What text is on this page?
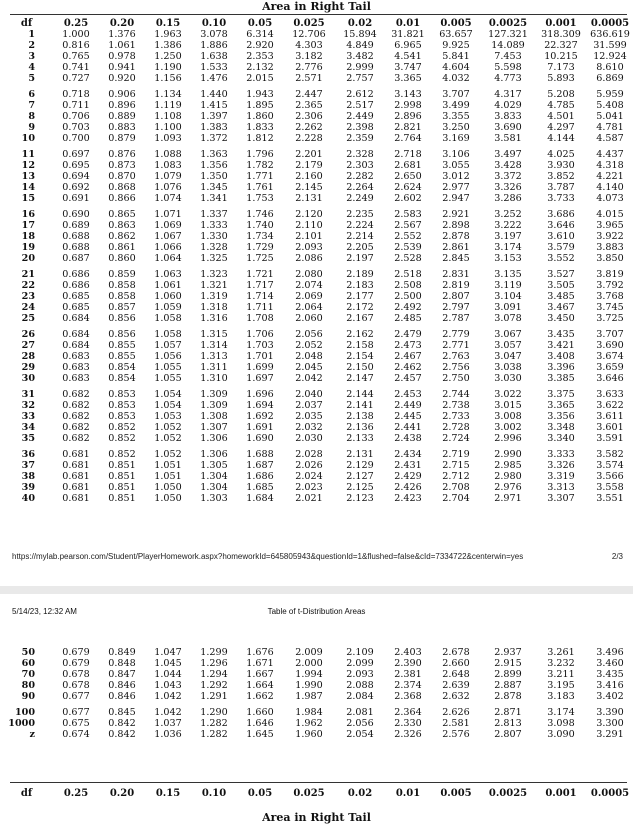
Area in Right Tail
df	0.25	0.20	0.15	0.10	0.05	0.025	0.02	0.01	0.005	0.0025	0.001	0.0005
1	1.000	1.376	1.963	3.078	6.314	12.706	15.894	31.821	63.657	127.321	318.309	636.619
2	0.816	1.061	1.386	1.886	2.920	4.303	4.849	6.965	9.925	14.089	22.327	31.599
3	0.765	0.978	1.250	1.638	2.353	3.182	3.482	4.541	5.841	7.453	10.215	12.924
4	0.741	0.941	1.190	1.533	2.132	2.776	2.999	3.747	4.604	5.598	7.173	8.610
5	0.727	0.920	1.156	1.476	2.015	2.571	2.757	3.365	4.032	4.773	5.893	6.869
6	0.718	0.906	1.134	1.440	1.943	2.447	2.612	3.143	3.707	4.317	5.208	5.959
7	0.711	0.896	1.119	1.415	1.895	2.365	2.517	2.998	3.499	4.029	4.785	5.408
8	0.706	0.889	1.108	1.397	1.860	2.306	2.449	2.896	3.355	3.833	4.501	5.041
9	0.703	0.883	1.100	1.383	1.833	2.262	2.398	2.821	3.250	3.690	4.297	4.781
10	0.700	0.879	1.093	1.372	1.812	2.228	2.359	2.764	3.169	3.581	4.144	4.587
11	0.697	0.876	1.088	1.363	1.796	2.201	2.328	2.718	3.106	3.497	4.025	4.437
12	0.695	0.873	1.083	1.356	1.782	2.179	2.303	2.681	3.055	3.428	3.930	4.318
13	0.694	0.870	1.079	1.350	1.771	2.160	2.282	2.650	3.012	3.372	3.852	4.221
14	0.692	0.868	1.076	1.345	1.761	2.145	2.264	2.624	2.977	3.326	3.787	4.140
15	0.691	0.866	1.074	1.341	1.753	2.131	2.249	2.602	2.947	3.286	3.733	4.073
16	0.690	0.865	1.071	1.337	1.746	2.120	2.235	2.583	2.921	3.252	3.686	4.015
17	0.689	0.863	1.069	1.333	1.740	2.110	2.224	2.567	2.898	3.222	3.646	3.965
18	0.688	0.862	1.067	1.330	1.734	2.101	2.214	2.552	2.878	3.197	3.610	3.922
19	0.688	0.861	1.066	1.328	1.729	2.093	2.205	2.539	2.861	3.174	3.579	3.883
20	0.687	0.860	1.064	1.325	1.725	2.086	2.197	2.528	2.845	3.153	3.552	3.850
21	0.686	0.859	1.063	1.323	1.721	2.080	2.189	2.518	2.831	3.135	3.527	3.819
22	0.686	0.858	1.061	1.321	1.717	2.074	2.183	2.508	2.819	3.119	3.505	3.792
23	0.685	0.858	1.060	1.319	1.714	2.069	2.177	2.500	2.807	3.104	3.485	3.768
24	0.685	0.857	1.059	1.318	1.711	2.064	2.172	2.492	2.797	3.091	3.467	3.745
25	0.684	0.856	1.058	1.316	1.708	2.060	2.167	2.485	2.787	3.078	3.450	3.725
26	0.684	0.856	1.058	1.315	1.706	2.056	2.162	2.479	2.779	3.067	3.435	3.707
27	0.684	0.855	1.057	1.314	1.703	2.052	2.158	2.473	2.771	3.057	3.421	3.690
28	0.683	0.855	1.056	1.313	1.701	2.048	2.154	2.467	2.763	3.047	3.408	3.674
29	0.683	0.854	1.055	1.311	1.699	2.045	2.150	2.462	2.756	3.038	3.396	3.659
30	0.683	0.854	1.055	1.310	1.697	2.042	2.147	2.457	2.750	3.030	3.385	3.646
31	0.682	0.853	1.054	1.309	1.696	2.040	2.144	2.453	2.744	3.022	3.375	3.633
32	0.682	0.853	1.054	1.309	1.694	2.037	2.141	2.449	2.738	3.015	3.365	3.622
33	0.682	0.853	1.053	1.308	1.692	2.035	2.138	2.445	2.733	3.008	3.356	3.611
34	0.682	0.852	1.052	1.307	1.691	2.032	2.136	2.441	2.728	3.002	3.348	3.601
35	0.682	0.852	1.052	1.306	1.690	2.030	2.133	2.438	2.724	2.996	3.340	3.591
36	0.681	0.852	1.052	1.306	1.688	2.028	2.131	2.434	2.719	2.990	3.333	3.582
37	0.681	0.851	1.051	1.305	1.687	2.026	2.129	2.431	2.715	2.985	3.326	3.574
38	0.681	0.851	1.051	1.304	1.686	2.024	2.127	2.429	2.712	2.980	3.319	3.566
39	0.681	0.851	1.050	1.304	1.685	2.023	2.125	2.426	2.708	2.976	3.313	3.558
40	0.681	0.851	1.050	1.303	1.684	2.021	2.123	2.423	2.704	2.971	3.307	3.551
https://mylab.pearson.com/Student/PlayerHomework.aspx?homeworkId=645805943&questionId=1&flushed=false&cId=7334722&centerwin=yes	2/3
5/14/23, 12:32 AM	Table of t-Distribution Areas
50	0.679	0.849	1.047	1.299	1.676	2.009	2.109	2.403	2.678	2.937	3.261	3.496
60	0.679	0.848	1.045	1.296	1.671	2.000	2.099	2.390	2.660	2.915	3.232	3.460
70	0.678	0.847	1.044	1.294	1.667	1.994	2.093	2.381	2.648	2.899	3.211	3.435
80	0.678	0.846	1.043	1.292	1.664	1.990	2.088	2.374	2.639	2.887	3.195	3.416
90	0.677	0.846	1.042	1.291	1.662	1.987	2.084	2.368	2.632	2.878	3.183	3.402
100	0.677	0.845	1.042	1.290	1.660	1.984	2.081	2.364	2.626	2.871	3.174	3.390
1000	0.675	0.842	1.037	1.282	1.646	1.962	2.056	2.330	2.581	2.813	3.098	3.300
z	0.674	0.842	1.036	1.282	1.645	1.960	2.054	2.326	2.576	2.807	3.090	3.291
df	0.25	0.20	0.15	0.10	0.05	0.025	0.02	0.01	0.005	0.0025	0.001	0.0005
Area in Right Tail
